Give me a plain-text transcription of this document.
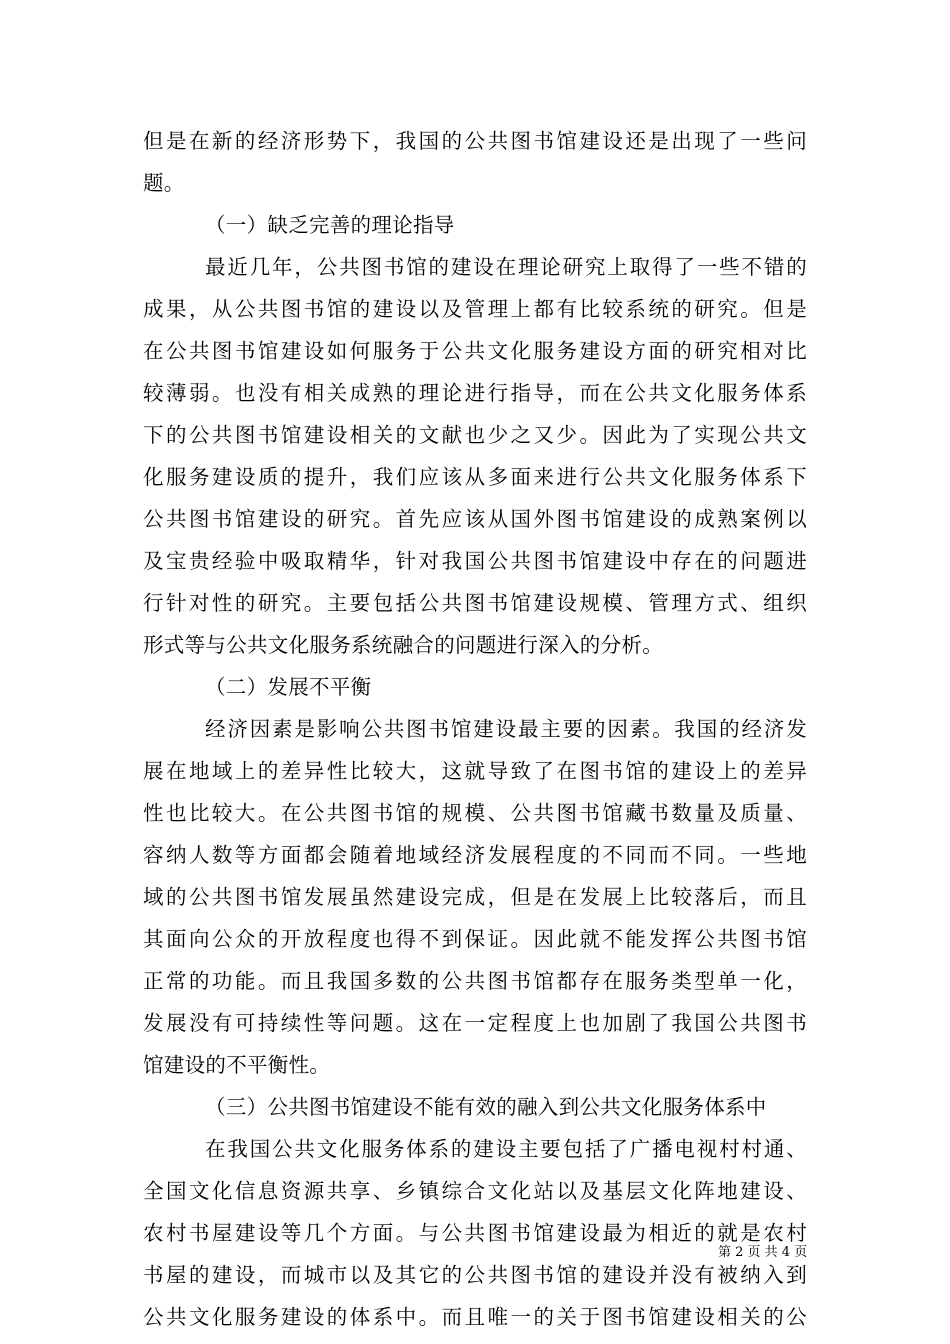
但是在新的经济形势下，我国的公共图书馆建设还是出现了一些问
题。
（一）缺乏完善的理论指导
最近几年，公共图书馆的建设在理论研究上取得了一些不错的
成果，从公共图书馆的建设以及管理上都有比较系统的研究。但是
在公共图书馆建设如何服务于公共文化服务建设方面的研究相对比
较薄弱。也没有相关成熟的理论进行指导，而在公共文化服务体系
下的公共图书馆建设相关的文献也少之又少。因此为了实现公共文
化服务建设质的提升，我们应该从多面来进行公共文化服务体系下
公共图书馆建设的研究。首先应该从国外图书馆建设的成熟案例以
及宝贵经验中吸取精华，针对我国公共图书馆建设中存在的问题进
行针对性的研究。主要包括公共图书馆建设规模、管理方式、组织
形式等与公共文化服务系统融合的问题进行深入的分析。
（二）发展不平衡
经济因素是影响公共图书馆建设最主要的因素。我国的经济发
展在地域上的差异性比较大，这就导致了在图书馆的建设上的差异
性也比较大。在公共图书馆的规模、公共图书馆藏书数量及质量、
容纳人数等方面都会随着地域经济发展程度的不同而不同。一些地
域的公共图书馆发展虽然建设完成，但是在发展上比较落后，而且
其面向公众的开放程度也得不到保证。因此就不能发挥公共图书馆
正常的功能。而且我国多数的公共图书馆都存在服务类型单一化，
发展没有可持续性等问题。这在一定程度上也加剧了我国公共图书
馆建设的不平衡性。
（三）公共图书馆建设不能有效的融入到公共文化服务体系中
在我国公共文化服务体系的建设主要包括了广播电视村村通、
全国文化信息资源共享、乡镇综合文化站以及基层文化阵地建设、
农村书屋建设等几个方面。与公共图书馆建设最为相近的就是农村
书屋的建设，而城市以及其它的公共图书馆的建设并没有被纳入到
公共文化服务建设的体系中。而且唯一的关于图书馆建设相关的公
第 2 页 共 4 页
